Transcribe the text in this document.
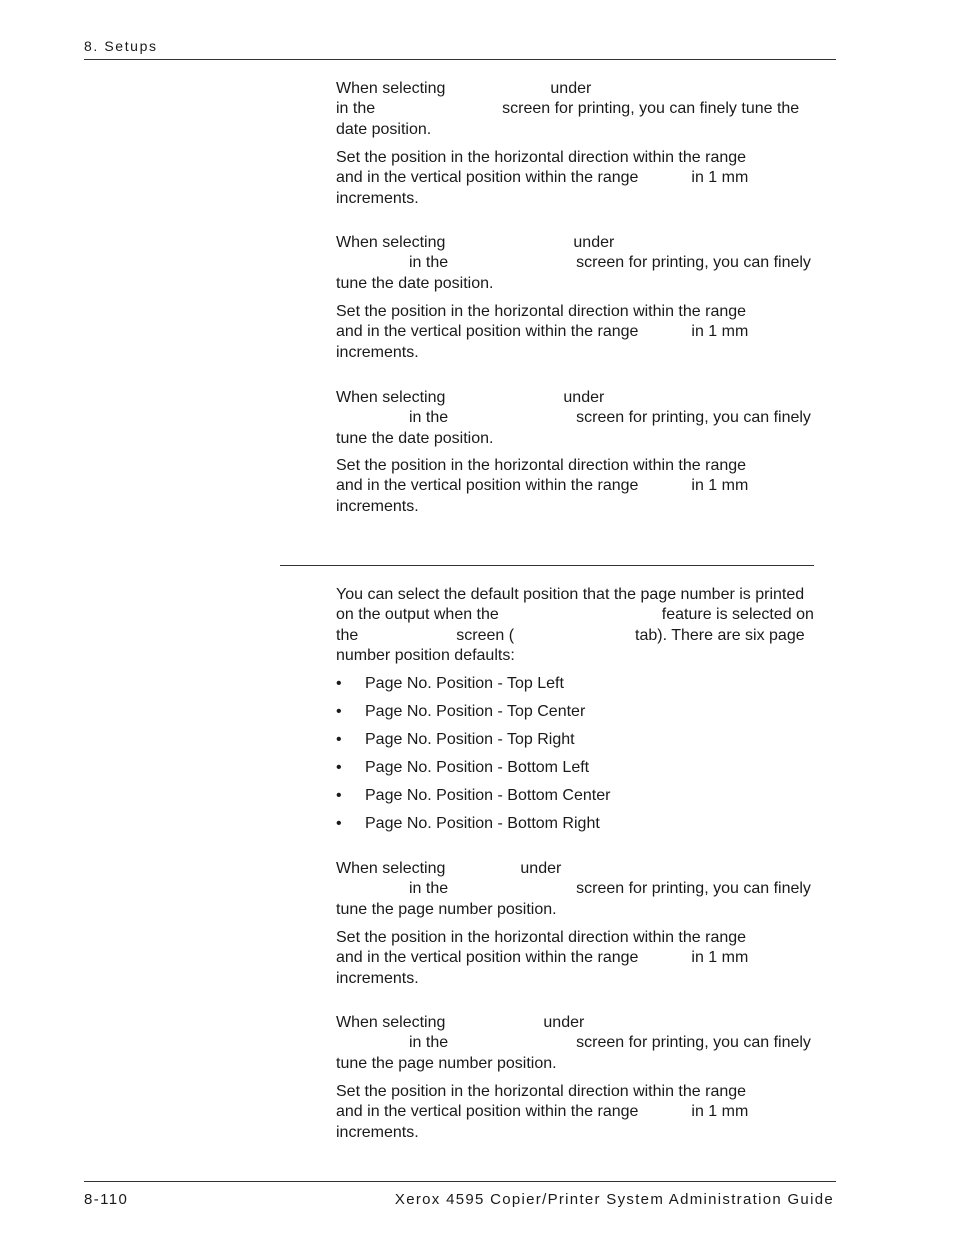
8. Setups

When selecting	under
in the	screen for printing, you can finely tune the date position.

Set the position in the horizontal direction within the range
and in the vertical position within the range	in 1 mm
increments.

When selecting	under
in the	screen for printing, you can finely
tune the date position.

Set the position in the horizontal direction within the range
and in the vertical position within the range	in 1 mm
increments.

When selecting	under
in the	screen for printing, you can finely
tune the date position.

Set the position in the horizontal direction within the range
and in the vertical position within the range	in 1 mm
increments.

You can select the default position that the page number is printed
on the output when the	feature is selected on
the	screen (	tab). There are six page
number position defaults:

• Page No. Position - Top Left
• Page No. Position - Top Center
• Page No. Position - Top Right
• Page No. Position - Bottom Left
• Page No. Position - Bottom Center
• Page No. Position - Bottom Right

When selecting	under
in the	screen for printing, you can finely
tune the page number position.

Set the position in the horizontal direction within the range
and in the vertical position within the range	in 1 mm
increments.

When selecting	under
in the	screen for printing, you can finely
tune the page number position.

Set the position in the horizontal direction within the range
and in the vertical position within the range	in 1 mm
increments.

8-110	Xerox 4595 Copier/Printer System Administration Guide
